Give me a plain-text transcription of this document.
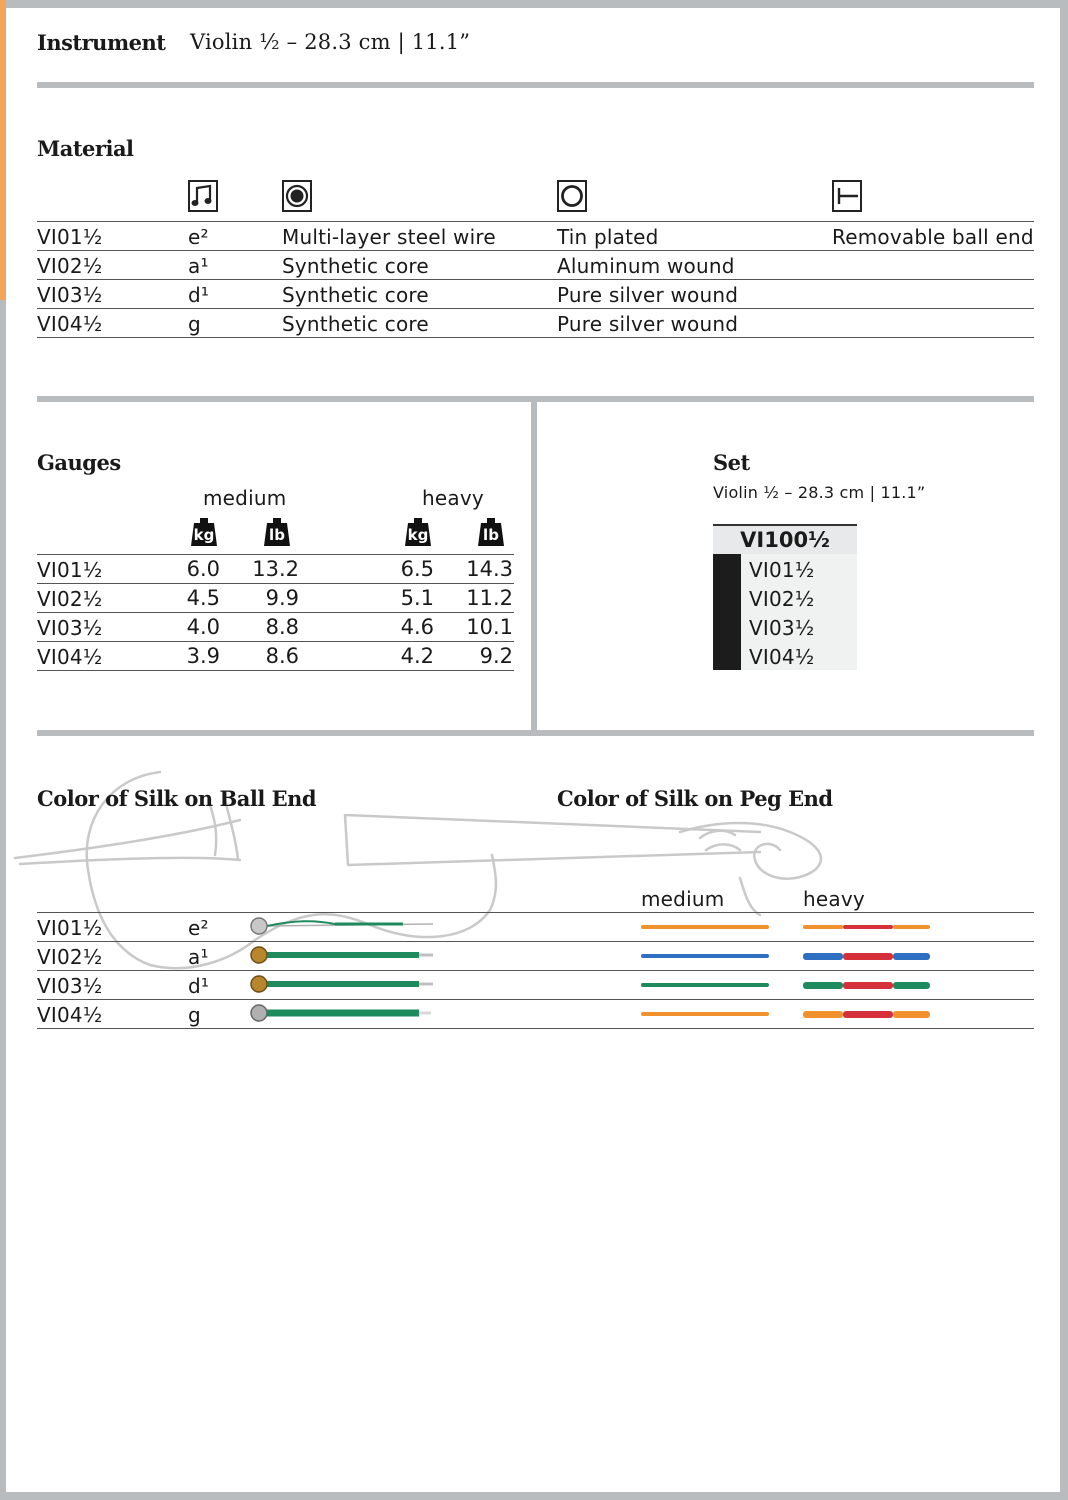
Instrument Violin ½ – 28.3 cm | 11.1”
Material
VI01½	e²	Multi-layer steel wire	Tin plated	Removable ball end
VI02½	a¹	Synthetic core	Aluminum wound
VI03½	d¹	Synthetic core	Pure silver wound
VI04½	g	Synthetic core	Pure silver wound
Gauges
medium	heavy
kg	lb	kg	lb
VI01½	6.0	13.2	6.5	14.3
VI02½	4.5	9.9	5.1	11.2
VI03½	4.0	8.8	4.6	10.1
VI04½	3.9	8.6	4.2	9.2
Set
Violin ½ – 28.3 cm | 11.1”
VI100½
VI01½
VI02½
VI03½
VI04½
Color of Silk on Ball End	Color of Silk on Peg End
medium	heavy
VI01½	e²
VI02½	a¹
VI03½	d¹
VI04½	g
